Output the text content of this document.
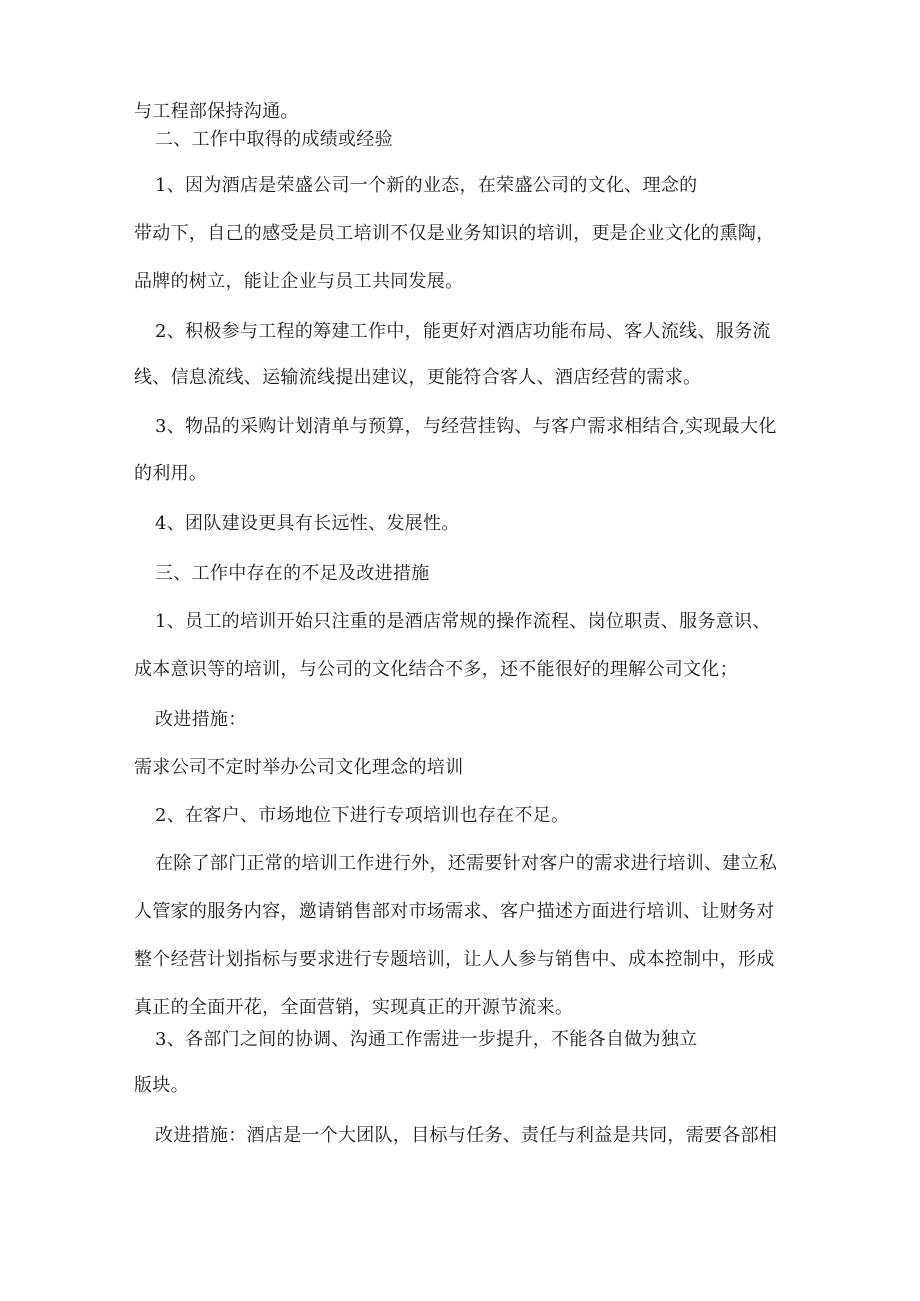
与工程部保持沟通。
二、工作中取得的成绩或经验
1、因为酒店是荣盛公司一个新的业态，在荣盛公司的文化、理念的
带动下，自己的感受是员工培训不仅是业务知识的培训，更是企业文化的熏陶，
品牌的树立，能让企业与员工共同发展。
2、积极参与工程的筹建工作中，能更好对酒店功能布局、客人流线、服务流
线、信息流线、运输流线提出建议，更能符合客人、酒店经营的需求。
3、物品的采购计划清单与预算，与经营挂钩、与客户需求相结合,实现最大化
的利用。
4、团队建设更具有长远性、发展性。
三、工作中存在的不足及改进措施
1、员工的培训开始只注重的是酒店常规的操作流程、岗位职责、服务意识、
成本意识等的培训，与公司的文化结合不多，还不能很好的理解公司文化；
改进措施：
需求公司不定时举办公司文化理念的培训
2、在客户、市场地位下进行专项培训也存在不足。
在除了部门正常的培训工作进行外，还需要针对客户的需求进行培训、建立私
人管家的服务内容，邀请销售部对市场需求、客户描述方面进行培训、让财务对
整个经营计划指标与要求进行专题培训，让人人参与销售中、成本控制中，形成
真正的全面开花，全面营销，实现真正的开源节流来。
3、各部门之间的协调、沟通工作需进一步提升，不能各自做为独立
版块。
改进措施：酒店是一个大团队，目标与任务、责任与利益是共同，需要各部相
